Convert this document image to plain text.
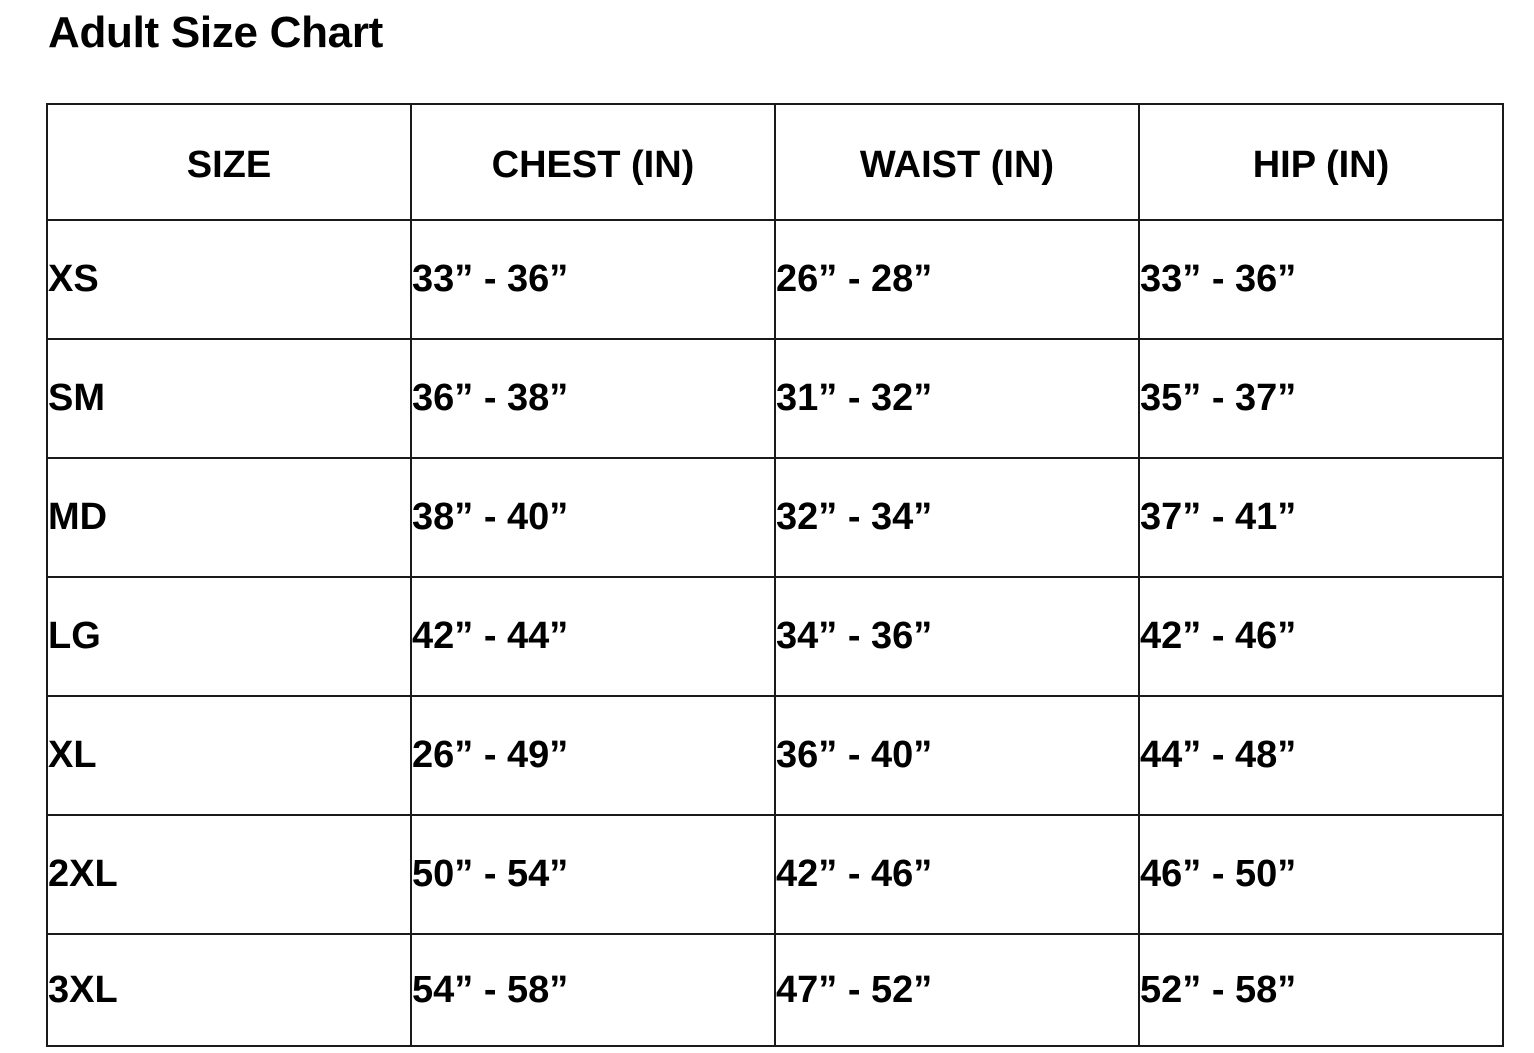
Adult Size Chart
SIZE	CHEST (IN)	WAIST (IN)	HIP (IN)
XS	33” - 36”	26” - 28”	33” - 36”
SM	36” - 38”	31” - 32”	35” - 37”
MD	38” - 40”	32” - 34”	37” - 41”
LG	42” - 44”	34” - 36”	42” - 46”
XL	26” - 49”	36” - 40”	44” - 48”
2XL	50” - 54”	42” - 46”	46” - 50”
3XL	54” - 58”	47” - 52”	52” - 58”
